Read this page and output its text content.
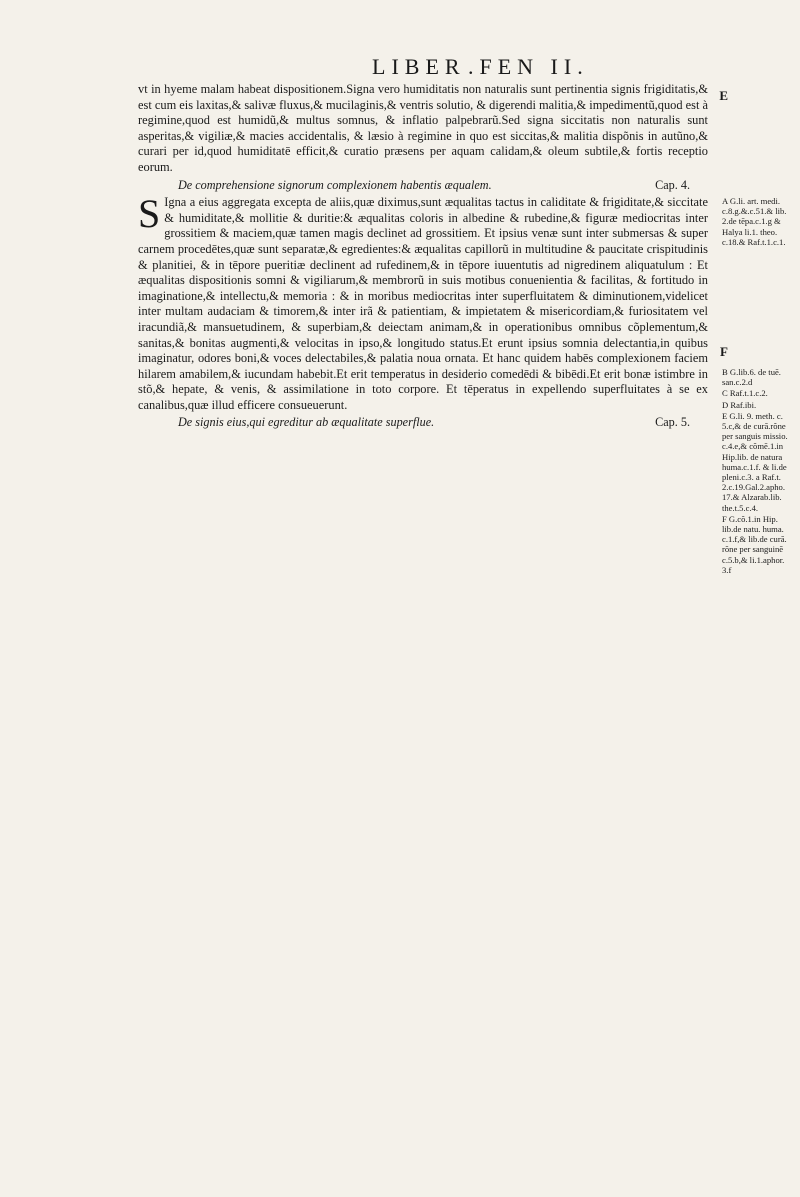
LIBER .FEN II.

vt in hyeme malam habeat dispositionem.Signa vero humiditatis non naturalis sunt pertinentia signis frigiditatis,& est cum eis laxitas,& salivæ fluxus,& mucilaginis,& ventris solutio, & digerendi malitia,& impedimentũ,quod est à regimine,quod est humidũ,& multus somnus, & inflatio palpebrarũ.Sed signa siccitatis non naturalis sunt asperitas,& vigiliæ,& macies accidentalis, & læsio à regimine in quo est siccitas,& malitia dispõnis in autũno,& curari per id,quod humiditatē efficit,& curatio præsens per aquam calidam,& oleum subtile,& fortis receptio eorum.

De comprehensione signorum complexionem habentis æqualem.	Cap. 4.
S Igna a eius aggregata excepta de aliis,quæ diximus,sunt æqualitas tactus in caliditate & frigiditate,& siccitate & humiditate,& mollitie & duritie:& æqualitas coloris in albedine & rubedine,& figuræ mediocritas inter grossitiem & maciem,quæ tamen magis declinet ad grossitiem. Et ipsius venæ sunt inter submersas & super carnem procedētes,quæ sunt separatæ,& egredientes:& æqualitas capillorũ in multitudine & paucitate crispitudinis & planitiei, & in tēpore pueritiæ declinent ad rufedinem,& in tēpore iuuentutis ad nigredinem aliquatulum : Et æqualitas dispositionis somni & vigiliarum,& membrorũ in suis motibus conuenientia & facilitas, & fortitudo in imaginatione,& intellectu,& memoria : & in moribus mediocritas inter superfluitatem & diminutionem,videlicet inter multam audaciam & timorem,& inter irã & patientiam, & impietatem & misericordiam,& furiositatem vel iracundiã,& mansuetudinem, & superbiam,& deiectam animam,& in operationibus omnibus cõplementum,& sanitas,& bonitas augmenti,& velocitas in ipso,& longitudo status.Et erunt ipsius somnia delectantia,in quibus imaginatur, odores boni,& voces delectabiles,& palatia noua ornata. Et hanc quidem habēs complexionem faciem hilarem amabilem,& iucundam habebit.Et erit temperatus in desiderio comedēdi & bibēdi.Et erit bonæ istimbre in stõ,& hepate, & venis, & assimilatione in toto corpore. Et tēperatus in expellendo superfluitates à se ex canalibus,quæ illud efficere consueuerunt.
De signis eius,qui egreditur ab æqualitate superflue.	Cap. 5.
E
F
A G.li. art. medi. c.8.g.&.c.51.& lib. 2.de tēpa.c.1.g & Halya li.1. theo. c.18.& Raf.t.1.c.1.
B G.lib.6. de tuē. san.c.2.d
C Raf.t.1.c.2.
D Raf.ibi.
E G.li. 9. meth. c. 5.c,& de curā.rõne per sanguis missio. c.4.e,& cõmē.1.in Hip.lib. de natura huma.c.1.f. & li.de pleni.c.3. a Raf.t. 2.c.19.Gal.2.apho. 17.& Alzarab.lib. the.t.5.c.4.
F G.cõ.1.in Hip. lib.de natu. huma. c.1.f,& lib.de curā. rõne per sanguinē c.5.b,& li.1.aphor. 3.f
